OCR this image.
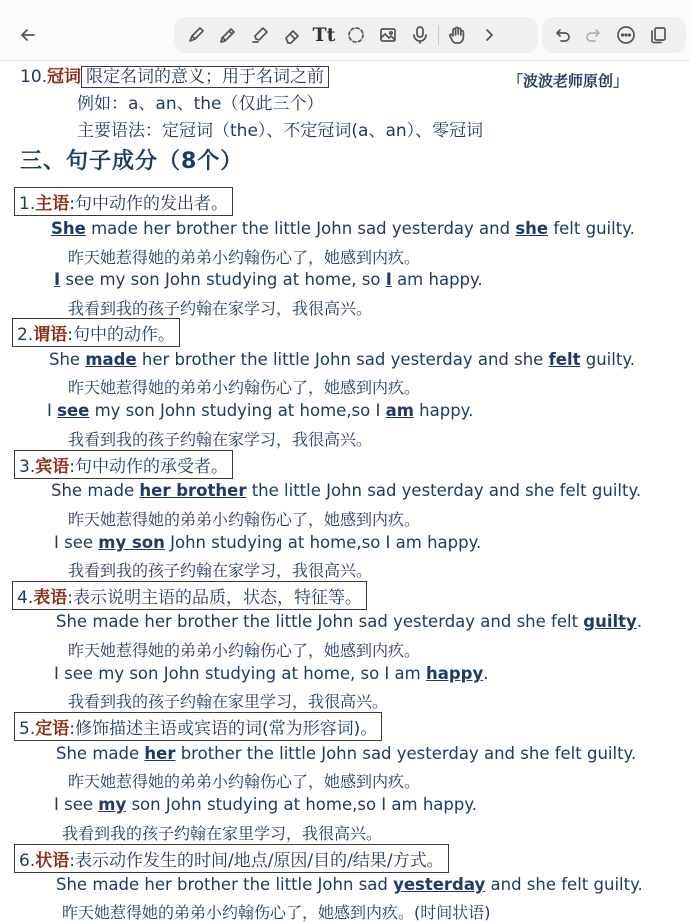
Tt
「波波老师原创」
10.冠词 限定名词的意义；用于名词之前
例如：a、an、the（仅此三个）
主要语法：定冠词（the）、不定冠词(a、an）、零冠词
三、句子成分（8个）
1.主语:句中动作的发出者。
She made her brother the little John sad yesterday and she felt guilty.
昨天她惹得她的弟弟小约翰伤心了，她感到内疚。
I see my son John studying at home, so I am happy.
我看到我的孩子约翰在家学习，我很高兴。
2.谓语:句中的动作。
She made her brother the little John sad yesterday and she felt guilty.
昨天她惹得她的弟弟小约翰伤心了，她感到内疚。
I see my son John studying at home,so I am happy.
我看到我的孩子约翰在家学习，我很高兴。
3.宾语:句中动作的承受者。
She made her brother the little John sad yesterday and she felt guilty.
昨天她惹得她的弟弟小约翰伤心了，她感到内疚。
I see my son John studying at home,so I am happy.
我看到我的孩子约翰在家学习，我很高兴。
4.表语:表示说明主语的品质，状态，特征等。
She made her brother the little John sad yesterday and she felt guilty.
昨天她惹得她的弟弟小约翰伤心了，她感到内疚。
I see my son John studying at home, so I am happy.
我看到我的孩子约翰在家里学习，我很高兴。
5.定语:修饰描述主语或宾语的词(常为形容词)。
She made her brother the little John sad yesterday and she felt guilty.
昨天她惹得她的弟弟小约翰伤心了，她感到内疚。
I see my son John studying at home,so I am happy.
我看到我的孩子约翰在家里学习，我很高兴。
6.状语:表示动作发生的时间/地点/原因/目的/结果/方式。
She made her brother the little John sad yesterday and she felt guilty.
昨天她惹得她的弟弟小约翰伤心了，她感到内疚。(时间状语)
